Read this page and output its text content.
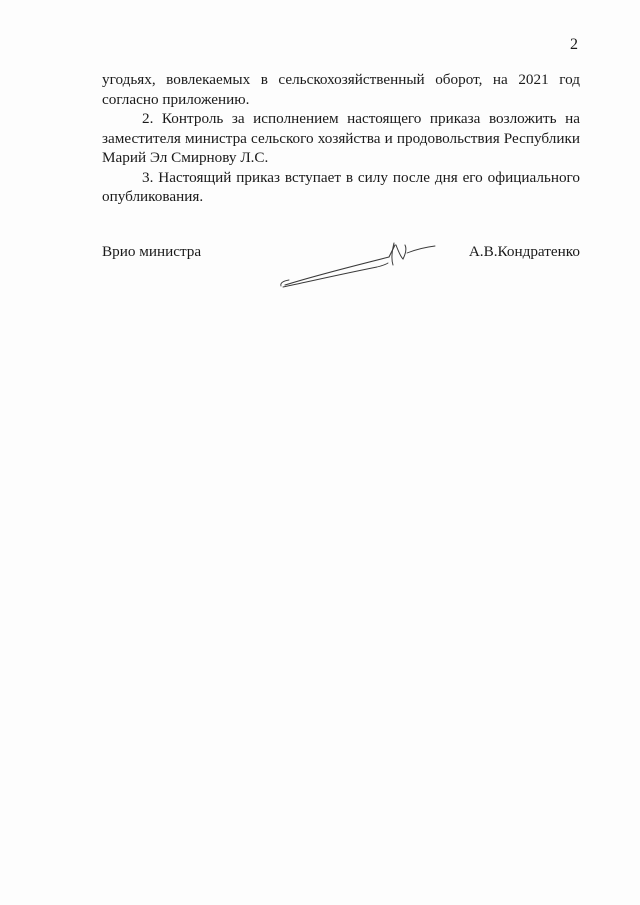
2

угодьях, вовлекаемых в сельскохозяйственный оборот, на 2021 год согласно приложению.

2. Контроль за исполнением настоящего приказа возложить на заместителя министра сельского хозяйства и продовольствия Республики Марий Эл Смирнову Л.С.

3. Настоящий приказ вступает в силу после дня его официального опубликования.

Врио министра	А.В.Кондратенко
